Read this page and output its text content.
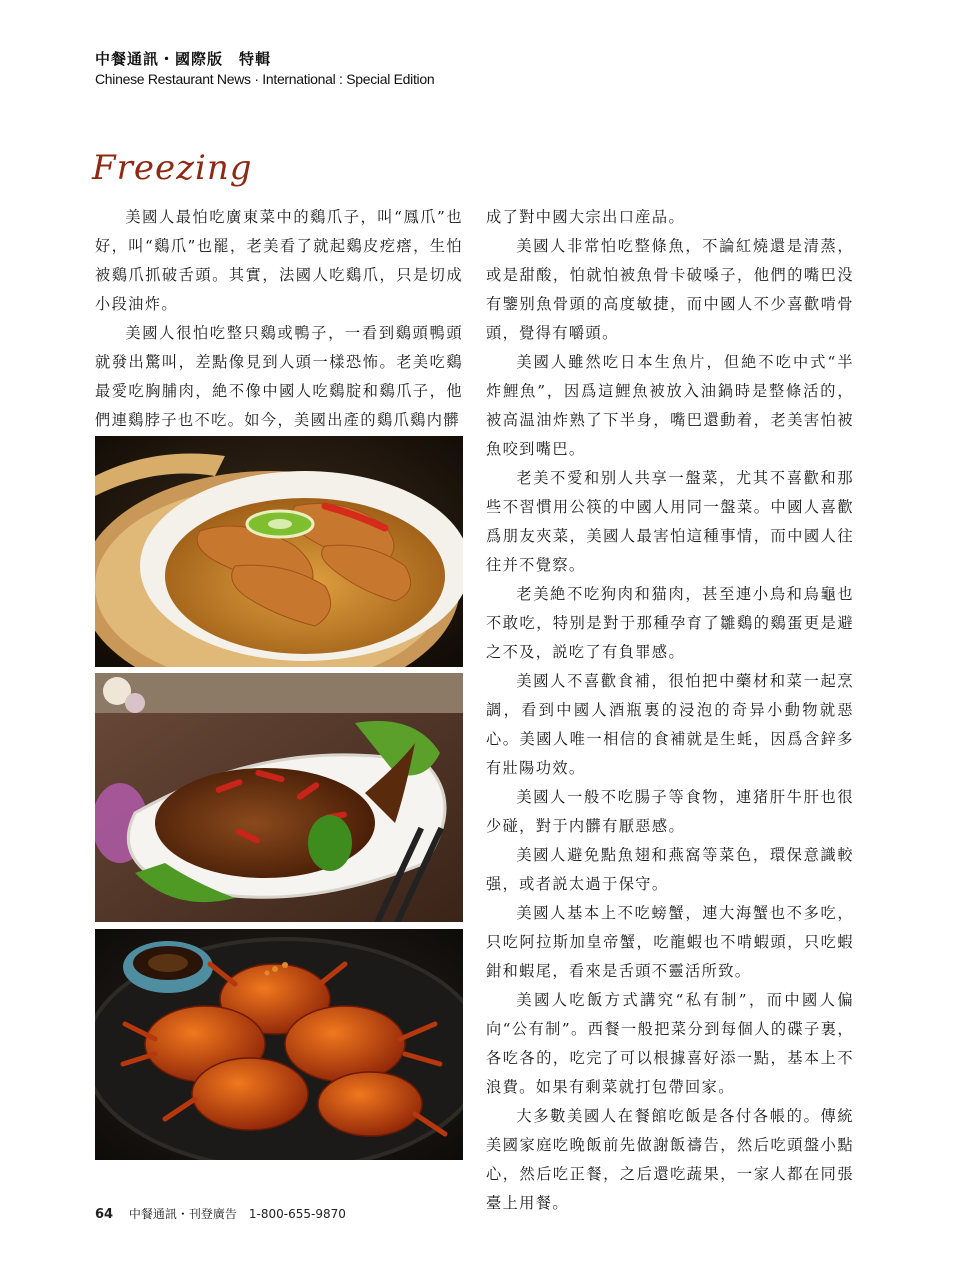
中餐通訊・國際版　特輯
Chinese Restaurant News · International : Special Edition
Freezing

美國人最怕吃廣東菜中的鷄爪子，叫“鳳爪”也好，叫“鷄爪”也罷，老美看了就起鷄皮疙瘩，生怕被鷄爪抓破舌頭。其實，法國人吃鷄爪，只是切成小段油炸。

美國人很怕吃整只鷄或鴨子，一看到鷄頭鴨頭就發出驚叫，差點像見到人頭一樣恐怖。老美吃鷄最愛吃胸脯肉，絶不像中國人吃鷄腚和鷄爪子，他們連鷄脖子也不吃。如今，美國出產的鷄爪鷄内髒

成了對中國大宗出口産品。

美國人非常怕吃整條魚，不論紅燒還是清蒸，或是甜酸，怕就怕被魚骨卡破嗓子，他們的嘴巴没有鑒别魚骨頭的高度敏捷，而中國人不少喜歡啃骨頭，覺得有嚼頭。

美國人雖然吃日本生魚片，但絶不吃中式“半炸鯉魚”，因爲這鯉魚被放入油鍋時是整條活的，被高温油炸熟了下半身，嘴巴還動着，老美害怕被魚咬到嘴巴。

老美不愛和别人共享一盤菜，尤其不喜歡和那些不習慣用公筷的中國人用同一盤菜。中國人喜歡爲朋友夾菜，美國人最害怕這種事情，而中國人往往并不覺察。

老美絶不吃狗肉和猫肉，甚至連小鳥和烏龜也不敢吃，特别是對于那種孕育了雛鷄的鷄蛋更是避之不及，説吃了有負罪感。

美國人不喜歡食補，很怕把中藥材和菜一起烹調，看到中國人酒瓶裏的浸泡的奇异小動物就惡心。美國人唯一相信的食補就是生蚝，因爲含鋅多有壯陽功效。

美國人一般不吃腸子等食物，連猪肝牛肝也很少碰，對于内髒有厭惡感。

美國人避免點魚翅和燕窩等菜色，環保意識較强，或者説太過于保守。

美國人基本上不吃螃蟹，連大海蟹也不多吃，只吃阿拉斯加皇帝蟹，吃龍蝦也不啃蝦頭，只吃蝦鉗和蝦尾，看來是舌頭不靈活所致。

美國人吃飯方式講究“私有制”，而中國人偏向“公有制”。西餐一般把菜分到每個人的碟子裏，各吃各的，吃完了可以根據喜好添一點，基本上不浪費。如果有剩菜就打包帶回家。

大多數美國人在餐館吃飯是各付各帳的。傳統美國家庭吃晚飯前先做謝飯禱告，然后吃頭盤小點心，然后吃正餐，之后還吃蔬果，一家人都在同張臺上用餐。

64 中餐通訊・刊登廣告　1-800-655-9870
